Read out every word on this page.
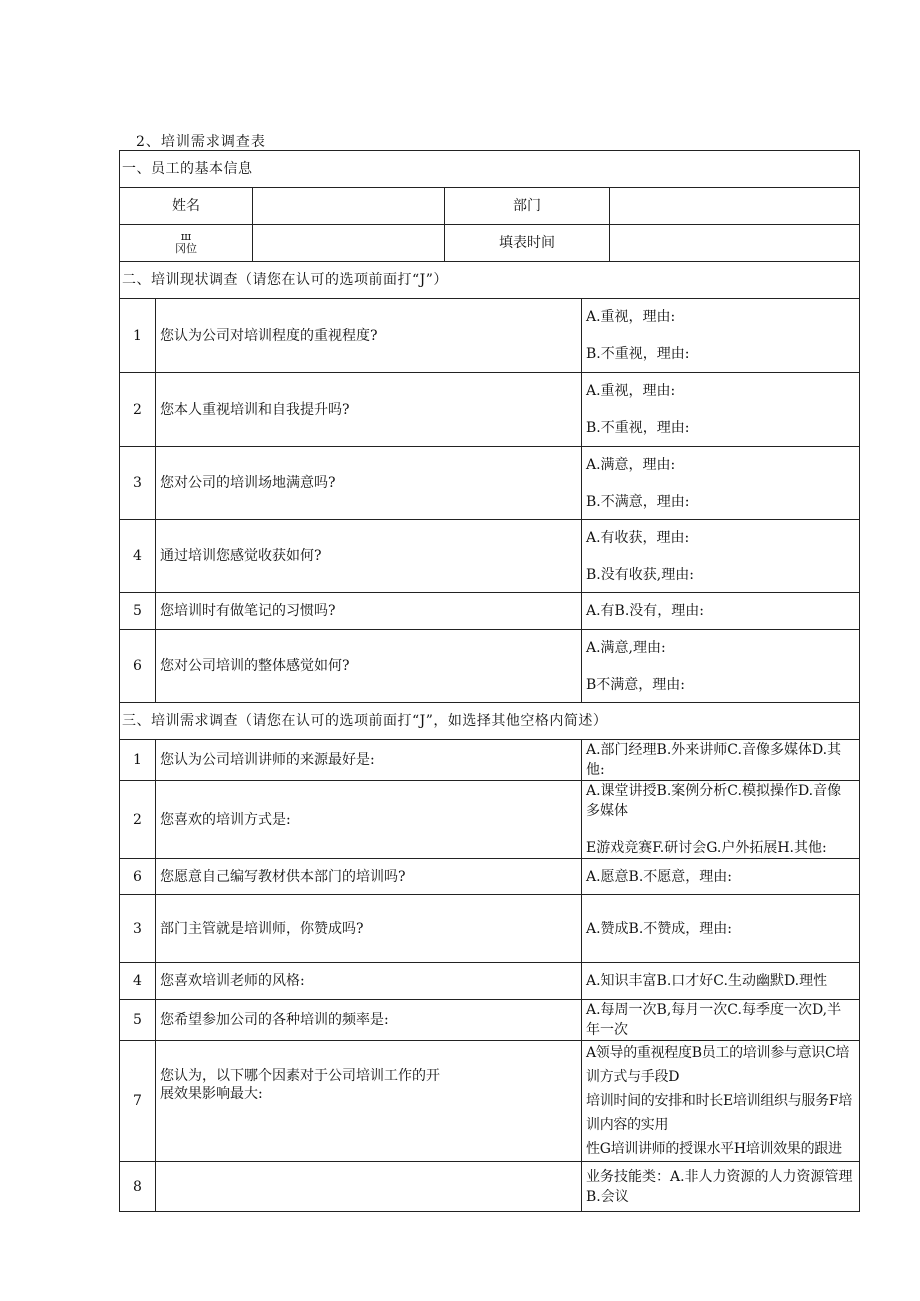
2、培训需求调查表
一、员工的基本信息					
姓名			部门		

ш
冈位			填表时间		
二、培训现状调查（请您在认可的选项前面打“J”）					
1	您认为公司对培训程度的重视程度?			A.重视，理由:
B.不重视，理由:	

2	您本人重视培训和自我提升吗?			A.重视，理由:
B.不重视，理由:	

3	您对公司的培训场地满意吗?			A.满意，理由:
B.不满意，理由:	

4	通过培训您感觉收获如何?			A.有收获，理由:
B.没有收获,理由:	

5	您培训时有做笔记的习惯吗?			A.有B.没有，理由:	

6	您对公司培训的整体感觉如何?			A.满意,理由:
B不满意，理由:	

三、培训需求调查（请您在认可的选项前面打“J”，如选择其他空格内简述）					
1	您认为公司培训讲师的来源最好是:			A.部门经理B.外来讲师C.音像多媒体D.其他:	

2	您喜欢的培训方式是:			A.课堂讲授B.案例分析C.模拟操作D.音像多媒体
E游戏竞赛F.研讨会G.户外拓展H.其他:	

6	您愿意自己编写教材供本部门的培训吗?			A.愿意B.不愿意，理由:	

3	部门主管就是培训师，你赞成吗?			A.赞成B.不赞成，理由:	

4	您喜欢培训老师的风格:			A.知识丰富B.口才好C.生动幽默D.理性	

5	您希望参加公司的各种培训的频率是:			A.每周一次B,每月一次C.每季度一次D,半年一次	

7	您认为，以下哪个因素对于公司培训工作的开
展效果影响最大:			A领导的重视程度B员工的培训参与意识C培训方式与手段D
培训时间的安排和时长E培训组织与服务F培训内容的实用
性G培训讲师的授课水平H培训效果的跟进	

8				业务技能类：A.非人力资源的人力资源管理B.会议	
